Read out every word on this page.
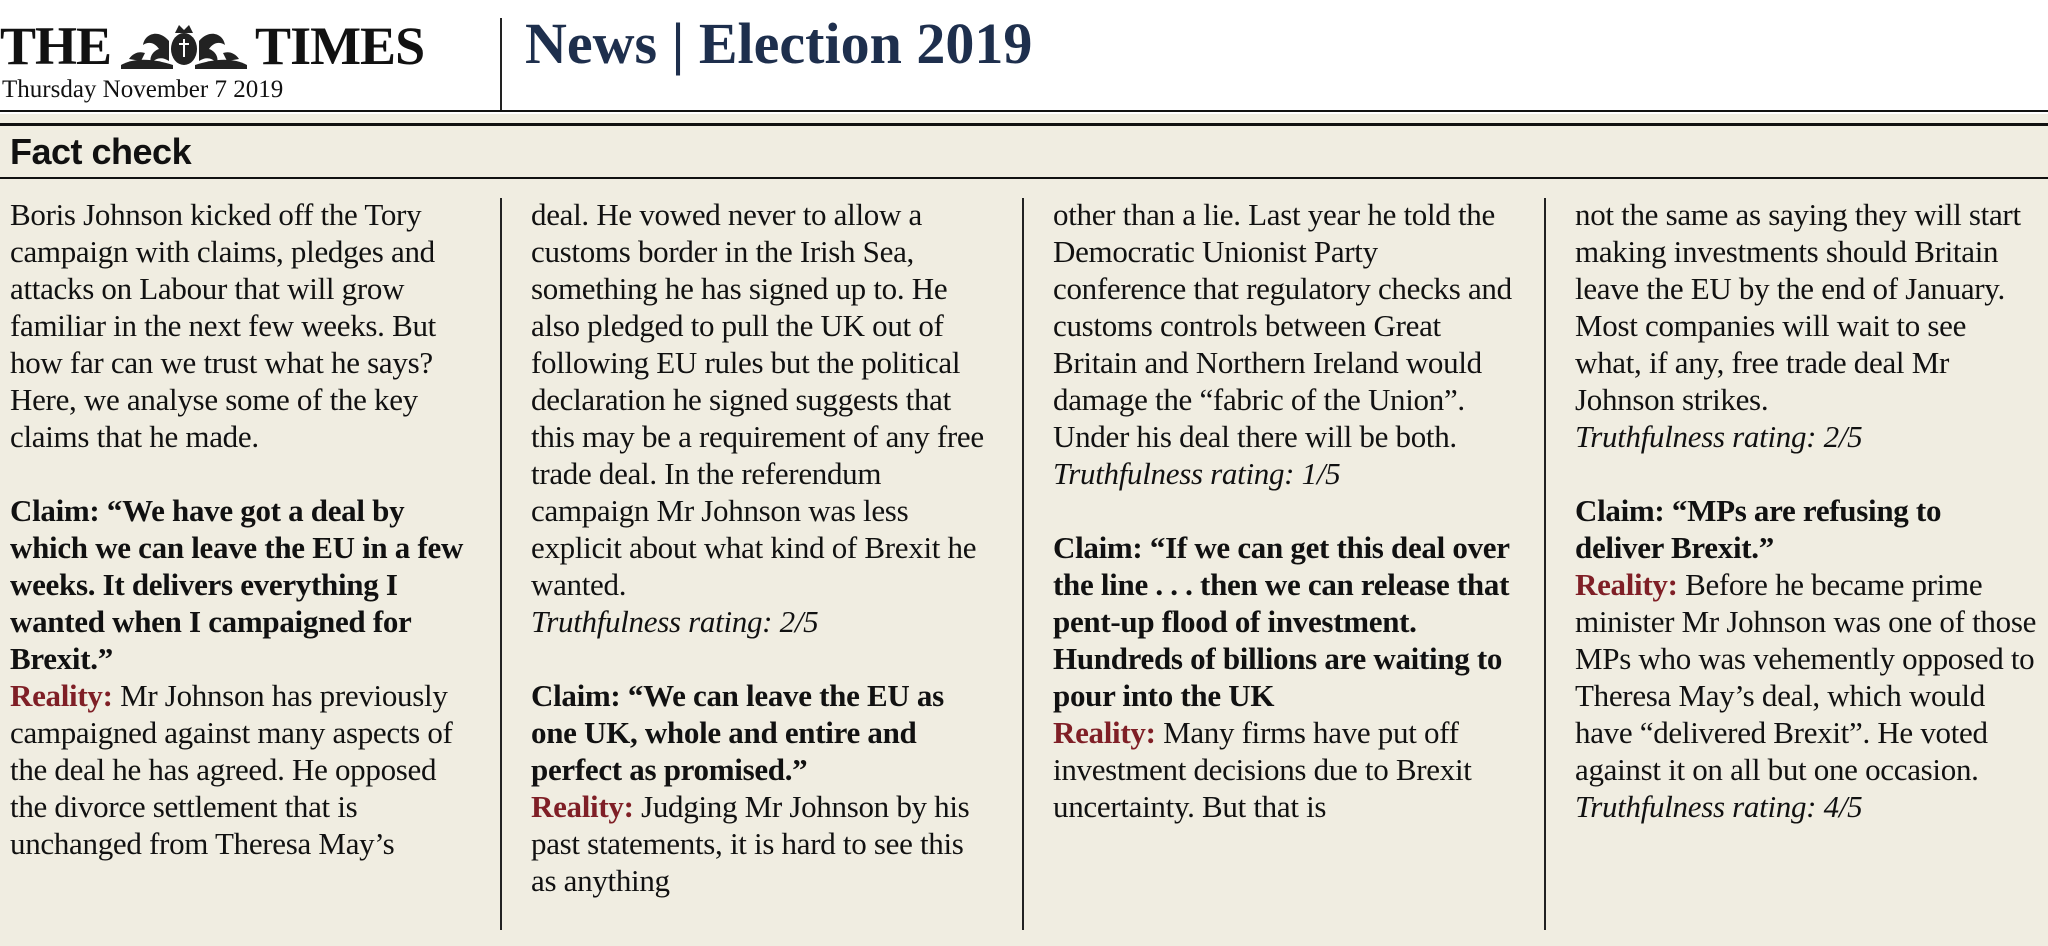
THE	TIMES
Thursday November 7 2019
News | Election 2019
Fact check

Boris Johnson kicked off the Tory campaign with claims, pledges and attacks on Labour that will grow familiar in the next few weeks. But how far can we trust what he says? Here, we analyse some of the key claims that he made.

Claim: “We have got a deal by which we can leave the EU in a few weeks. It delivers everything I wanted when I campaigned for Brexit.”

Reality: Mr Johnson has previously campaigned against many aspects of the deal he has agreed. He opposed the divorce settlement that is unchanged from Theresa May’s

deal. He vowed never to allow a customs border in the Irish Sea, something he has signed up to. He also pledged to pull the UK out of following EU rules but the political declaration he signed suggests that this may be a requirement of any free trade deal. In the referendum campaign Mr Johnson was less explicit about what kind of Brexit he wanted.

Truthfulness rating: 2/5

Claim: “We can leave the EU as one UK, whole and entire and perfect as promised.”

Reality: Judging Mr Johnson by his past statements, it is hard to see this as anything

other than a lie. Last year he told the Democratic Unionist Party conference that regulatory checks and customs controls between Great Britain and Northern Ireland would damage the “fabric of the Union”. Under his deal there will be both.

Truthfulness rating: 1/5

Claim: “If we can get this deal over the line . . . then we can release that pent-up flood of investment. Hundreds of billions are waiting to pour into the UK

Reality: Many firms have put off investment decisions due to Brexit uncertainty. But that is

not the same as saying they will start making investments should Britain leave the EU by the end of January. Most companies will wait to see what, if any, free trade deal Mr Johnson strikes.

Truthfulness rating: 2/5

Claim: “MPs are refusing to deliver Brexit.”

Reality: Before he became prime minister Mr Johnson was one of those MPs who was vehemently opposed to Theresa May’s deal, which would have “delivered Brexit”. He voted against it on all but one occasion.

Truthfulness rating: 4/5
